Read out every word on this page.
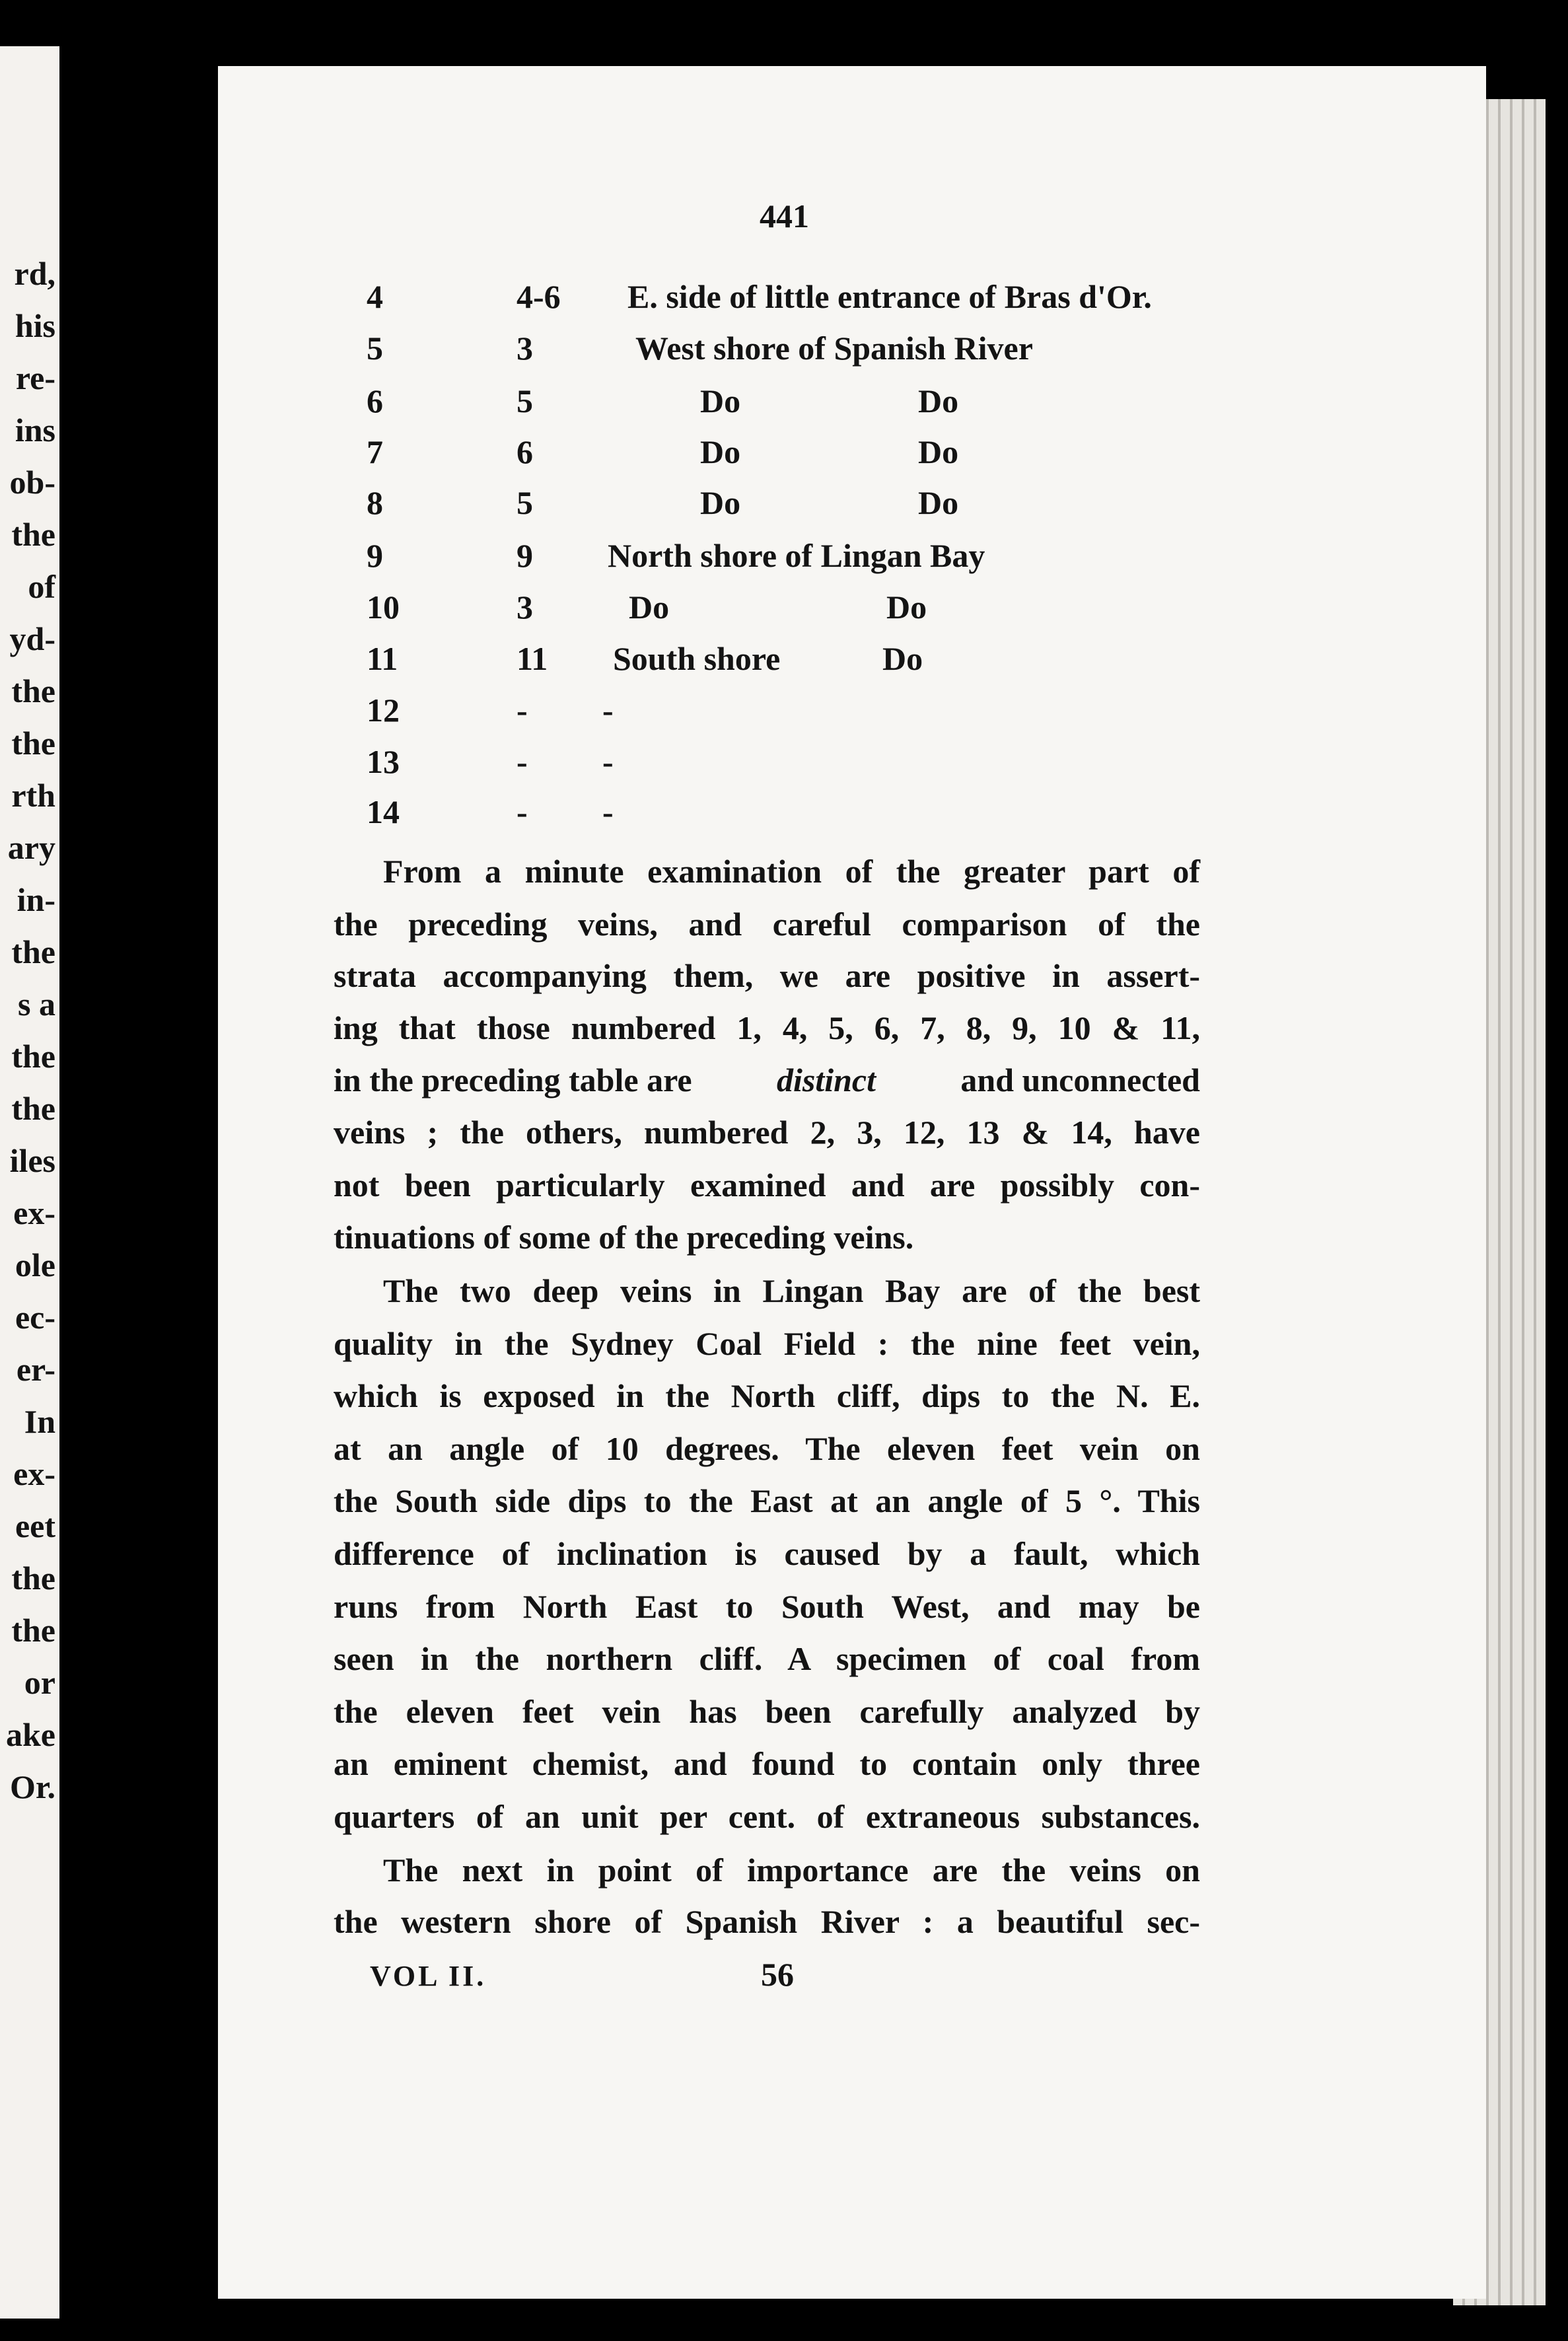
rd,
his
re-
ins
ob-
the
of
yd-
the
the
rth
ary
in-
the
s a
the
the
iles
ex-
ole
ec-
er-
In
ex-
eet
the
the
or
ake
Or.
441
4	4-6 E. side of little entrance of Bras d'Or.
5	3	West shore of Spanish River
6	5	Do	Do
7	6	Do	Do
8	5	Do	Do
9	9 North shore of Lingan Bay
10	3	Do	Do
11	11 South shore	Do
12	- -
13	- -
14	- -
From a minute examination of the greater part of
the preceding veins, and careful comparison of the
strata accompanying them, we are positive in assert-
ing that those numbered 1, 4, 5, 6, 7, 8, 9, 10 & 11,
in the preceding table are	distinct	and unconnected
veins ; the others, numbered 2, 3, 12, 13 & 14, have
not been particularly examined and are possibly con-
tinuations of some of the preceding veins.
The two deep veins in Lingan Bay are of the best
quality in the Sydney Coal Field : the nine feet vein,
which is exposed in the North cliff, dips to the N. E.
at an angle of 10 degrees. The eleven feet vein on
the South side dips to the East at an angle of 5 °. This
difference of inclination is caused by a fault, which
runs from North East to South West, and may be
seen in the northern cliff. A specimen of coal from
the eleven feet vein has been carefully analyzed by
an eminent chemist, and found to contain only three
quarters of an unit per cent. of extraneous substances.
The next in point of importance are the veins on
the western shore of Spanish River : a beautiful sec-
VOL II.	56
